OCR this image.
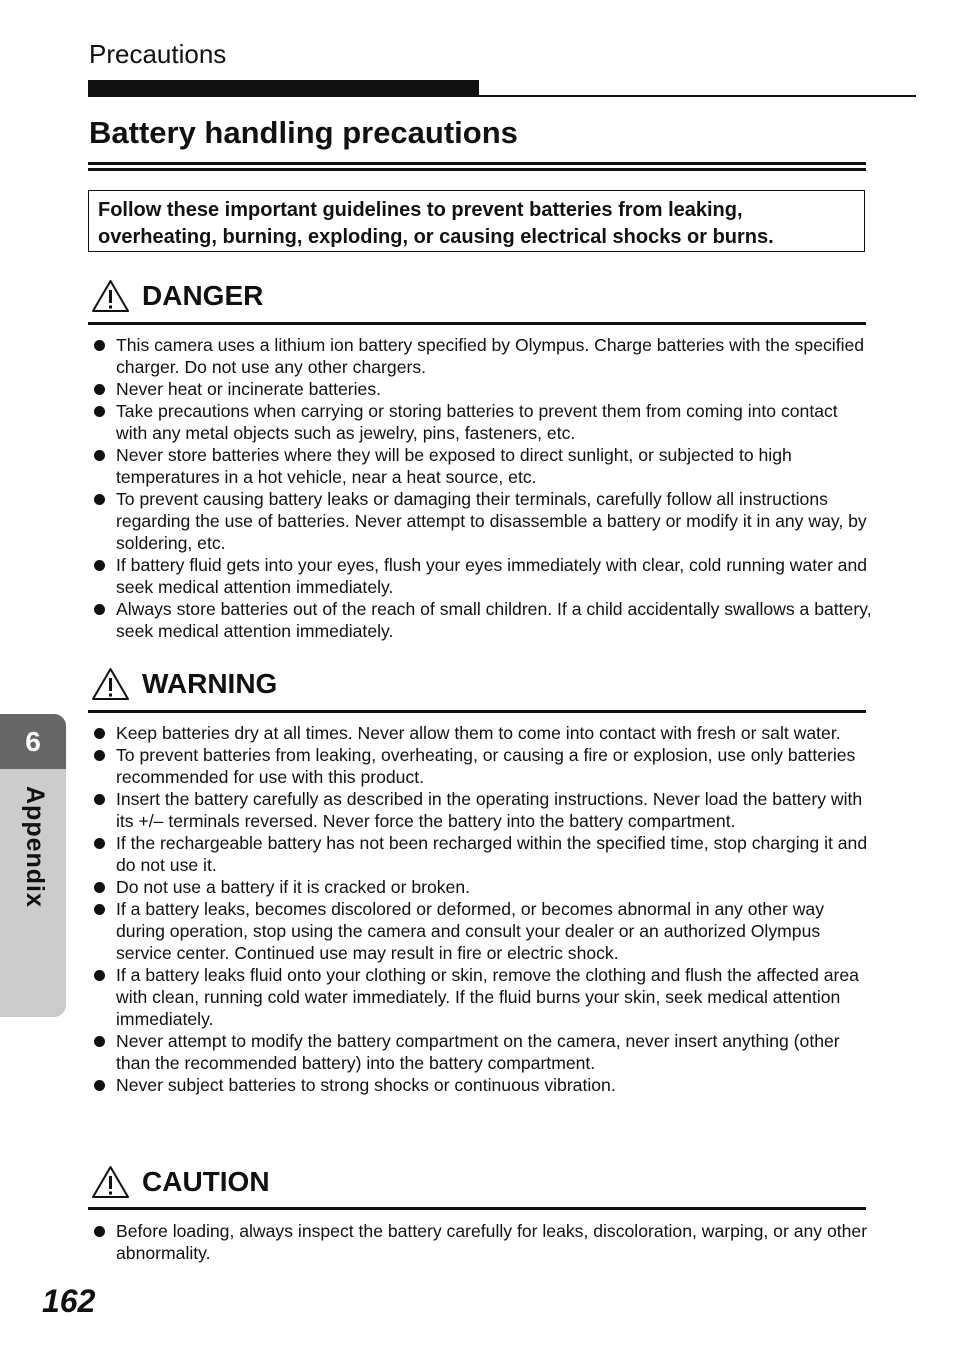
Precautions
Battery handling precautions
Follow these important guidelines to prevent batteries from leaking, overheating, burning, exploding, or causing electrical shocks or burns.
DANGER
This camera uses a lithium ion battery specified by Olympus. Charge batteries with the specified charger. Do not use any other chargers.
Never heat or incinerate batteries.
Take precautions when carrying or storing batteries to prevent them from coming into contact with any metal objects such as jewelry, pins, fasteners, etc.
Never store batteries where they will be exposed to direct sunlight, or subjected to high temperatures in a hot vehicle, near a heat source, etc.
To prevent causing battery leaks or damaging their terminals, carefully follow all instructions regarding the use of batteries. Never attempt to disassemble a battery or modify it in any way, by soldering, etc.
If battery fluid gets into your eyes, flush your eyes immediately with clear, cold running water and seek medical attention immediately.
Always store batteries out of the reach of small children. If a child accidentally swallows a battery, seek medical attention immediately.
WARNING
Keep batteries dry at all times. Never allow them to come into contact with fresh or salt water.
To prevent batteries from leaking, overheating, or causing a fire or explosion, use only batteries recommended for use with this product.
Insert the battery carefully as described in the operating instructions. Never load the battery with its +/– terminals reversed. Never force the battery into the battery compartment.
If the rechargeable battery has not been recharged within the specified time, stop charging it and do not use it.
Do not use a battery if it is cracked or broken.
If a battery leaks, becomes discolored or deformed, or becomes abnormal in any other way during operation, stop using the camera and consult your dealer or an authorized Olympus service center. Continued use may result in fire or electric shock.
If a battery leaks fluid onto your clothing or skin, remove the clothing and flush the affected area with clean, running cold water immediately. If the fluid burns your skin, seek medical attention immediately.
Never attempt to modify the battery compartment on the camera, never insert anything (other than the recommended battery) into the battery compartment.
Never subject batteries to strong shocks or continuous vibration.
CAUTION
Before loading, always inspect the battery carefully for leaks, discoloration, warping, or any other abnormality.
6
Appendix
162
